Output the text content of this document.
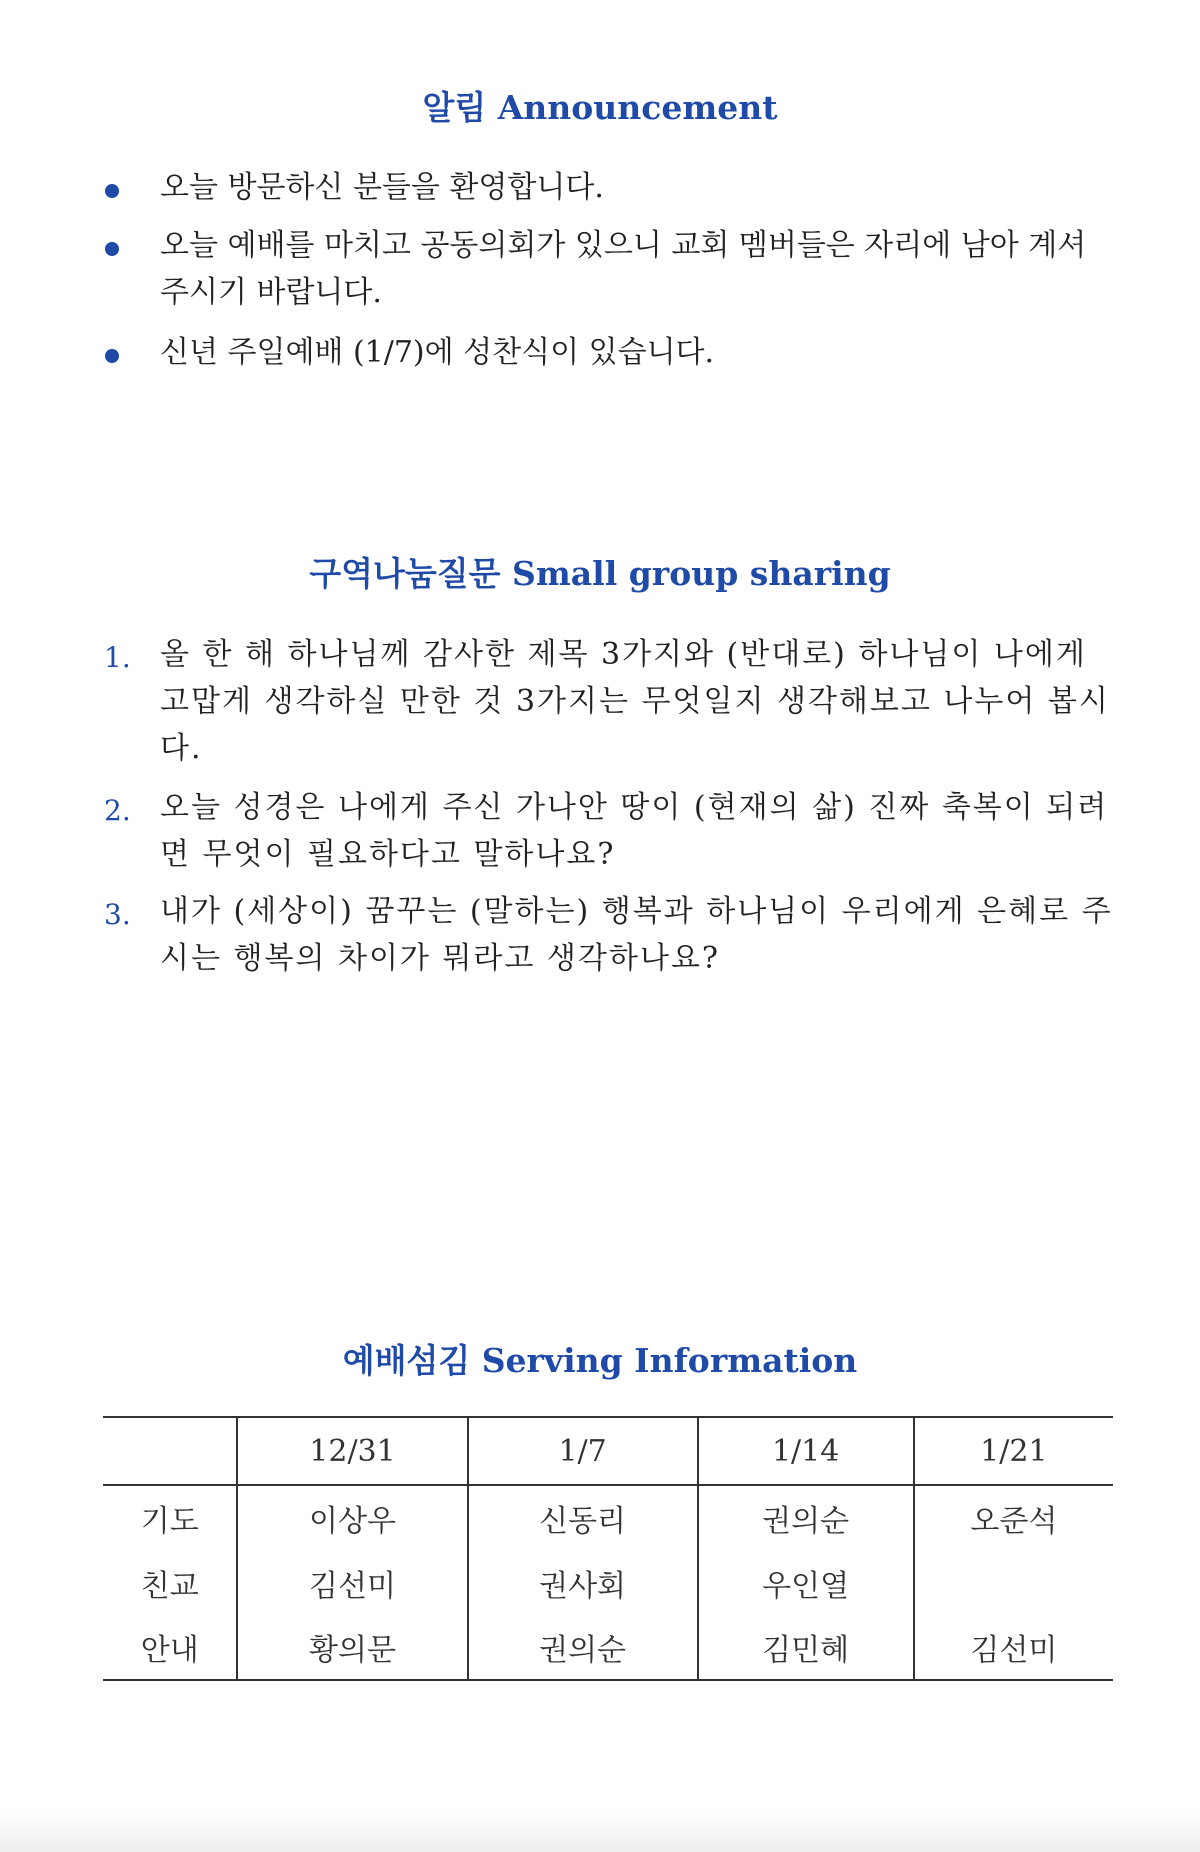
알림 Announcement
오늘 방문하신 분들을 환영합니다.
오늘 예배를 마치고 공동의회가 있으니 교회 멤버들은 자리에 남아 계셔 주시기 바랍니다.
신년 주일예배 (1/7)에 성찬식이 있습니다.
구역나눔질문 Small group sharing
1. 올 한 해 하나님께 감사한 제목 3가지와 (반대로) 하나님이 나에게 고맙게 생각하실 만한 것 3가지는 무엇일지 생각해보고 나누어 봅시다.
2. 오늘 성경은 나에게 주신 가나안 땅이 (현재의 삶) 진짜 축복이 되려면 무엇이 필요하다고 말하나요?
3. 내가 (세상이) 꿈꾸는 (말하는) 행복과 하나님이 우리에게 은혜로 주시는 행복의 차이가 뭐라고 생각하나요?
예배섬김 Serving Information
	12/31	1/7	1/14	1/21
기도	이상우	신동리	권의순	오준석
친교	김선미	권사회	우인열	
안내	황의문	권의순	김민혜	김선미
